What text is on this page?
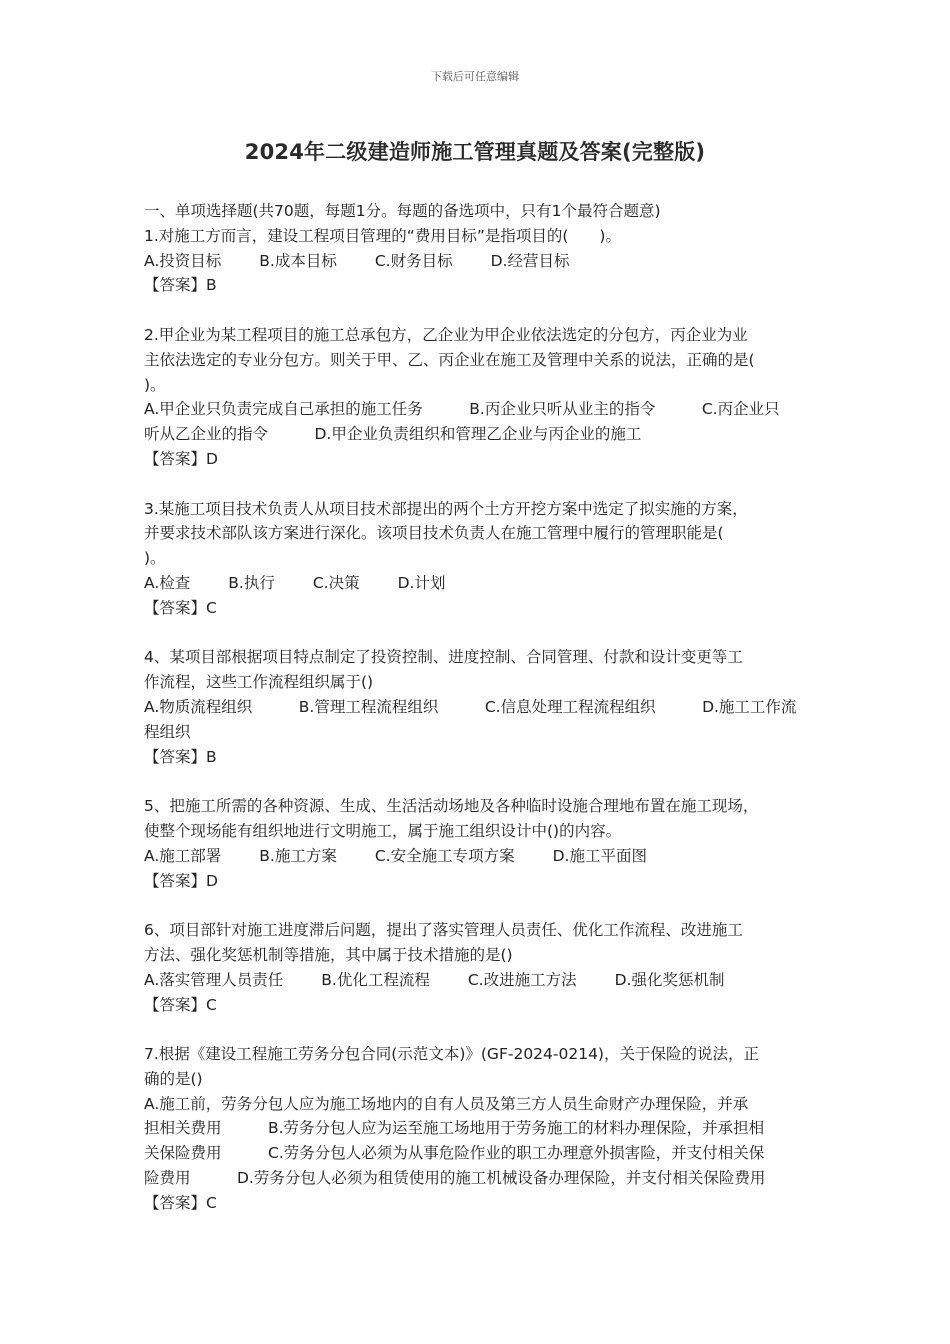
下载后可任意编辑
2024年二级建造师施工管理真题及答案(完整版)

一、单项选择题(共70题，每题1分。每题的备选项中，只有1个最符合题意)

1.对施工方而言，建设工程项目管理的“费用目标”是指项目的(　　)。

A.投资目标 B.成本目标 C.财务目标 D.经营目标

【答案】B

2.甲企业为某工程项目的施工总承包方，乙企业为甲企业依法选定的分包方，丙企业为业

主依法选定的专业分包方。则关于甲、乙、丙企业在施工及管理中关系的说法，正确的是(

)。

A.甲企业只负责完成自己承担的施工任务　　　B.丙企业只听从业主的指令　　　C.丙企业只

听从乙企业的指令　　　D.甲企业负责组织和管理乙企业与丙企业的施工

【答案】D

3.某施工项目技术负责人从项目技术部提出的两个土方开挖方案中选定了拟实施的方案，

并要求技术部队该方案进行深化。该项目技术负责人在施工管理中履行的管理职能是(

)。

A.检查 B.执行 C.决策 D.计划

【答案】C

4、某项目部根据项目特点制定了投资控制、进度控制、合同管理、付款和设计变更等工

作流程，这些工作流程组织属于()

A.物质流程组织　　　B.管理工程流程组织　　　C.信息处理工程流程组织　　　D.施工工作流

程组织

【答案】B

5、把施工所需的各种资源、生成、生活活动场地及各种临时设施合理地布置在施工现场，

使整个现场能有组织地进行文明施工，属于施工组织设计中()的内容。

A.施工部署 B.施工方案 C.安全施工专项方案 D.施工平面图

【答案】D

6、项目部针对施工进度滞后问题，提出了落实管理人员责任、优化工作流程、改进施工

方法、强化奖惩机制等措施，其中属于技术措施的是()

A.落实管理人员责任 B.优化工程流程 C.改进施工方法 D.强化奖惩机制

【答案】C

7.根据《建设工程施工劳务分包合同(示范文本)》(GF-2024-0214)，关于保险的说法，正

确的是()

A.施工前，劳务分包人应为施工场地内的自有人员及第三方人员生命财产办理保险，并承

担相关费用　　　B.劳务分包人应为运至施工场地用于劳务施工的材料办理保险，并承担相

关保险费用　　　C.劳务分包人必须为从事危险作业的职工办理意外损害险，并支付相关保

险费用　　　D.劳务分包人必须为租赁使用的施工机械设备办理保险，并支付相关保险费用

【答案】C
